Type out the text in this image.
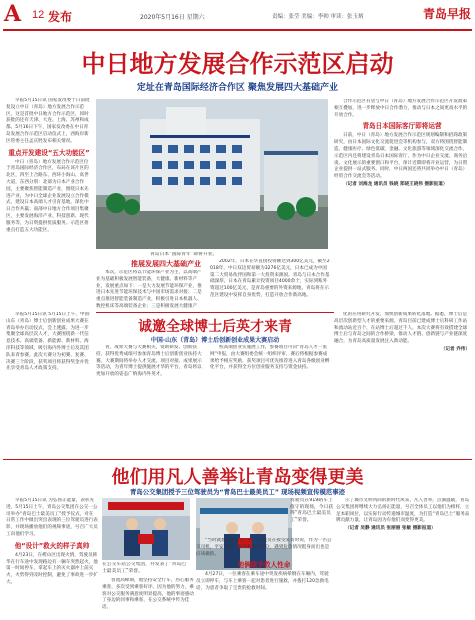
A 12 发布	2020年5月16日 星期六	责编：张莹 美编：李帅 审读：张玉炳	青岛早报
中日地方发展合作示范区启动
定址在青岛国际经济合作区 聚焦发展四大基础产业

早报5月15日讯 国家发改委于日前批复设立中日（青岛）地方发展合作示范区，这是首批中日地方合作示范区，同时获批的还有天津、大连、上海、苏州和成都。5月16日下午，国家发改委在中日青岛发展合作示范区启动仪式上，西海岸新区管委主任孟庆胜发布相关情况。

重点开发建设“五大功能区”

中日（青岛）地方发展合作示范区位于青岛国际经济合作区，布局在该片区的北区，四至上合路东、西环小海山、高世大道，东西分别：北部为日本产业合作园，主要聚焦智能制造产业，围绕日本先进产业，为中日全球企业发展设立合作模式，建设日本高端人才引育基地，深化中日合作共赢；南部中日地方合作项目集聚区，主要发展海洋产业、科技创新、现代服务等，为日资提供优质服务。示范区将重点打造五大功能区。

青岛日本“国际青年”即将开业。
推展发展四大基础产业

本次，示范区将以节能环保产业为主，以高端产业为基础积极发展智能装备，大健康、新材料等产业，发展重点如下：一是大力发展节能环保产业，推进日本先进节能环保技术与中国市场需求对接；二是重点推进智能装备制造产业，积极引进日本机器人、数控机床等高端装备企业；三是积极发展大健康产

2002年，日本在华直接投资额达到300亿美元，截至2018年，中日双边贸易额为3276亿美元，日本已成为中国第二大贸易伙伴国和第一大投资来源国。青岛与日本合作基础深厚，日本在青岛累计投资项目4000余个，实际到账外资超过100亿美元，是青岛重要的外资来源地，青岛将在示范区建设中发挥自身优势，打造开放合作新高地。

合作示范区有望与中日（青岛）地方发展合作示范区开发政策相互叠加，进一步释放中日合作潜力，推动与日本之间更高水平的开放合作。

青岛日本国际客厅即将运营

日前，中日（青岛）地方发展合作示范区规划编制和招商政策研究，由日本国际文化交流促进会等机构参与，双方将围绕智能制造、健康医疗、绿色低碳、金融、文化旅游等领域深化交流合作。示范区内还将建设青岛日本国际客厅，作为中日企业交流、商务洽谈、文化展示的重要窗口和平台，预计近期即将开业运营，为日资企业提供一站式服务。同时，中日两国还将共同举办中日（青岛）经贸合作交流会等活动。

（记者 刘海龙 通讯员 钱晓 郑晓王晓伟 摄影报道）

诚邀全球博士后英才来青
中国·山东（青岛）博士后创新创业成果大赛启动

早报5月15日讯 5月15日上午，中国·山东（青岛）博士后创新创业成果大赛在青岛举办启动仪式，会上透露，为进一步集聚全球高层次人才，大赛围绕新一代信息技术、高端装备、新能源、新材料、海洋科技等领域，吸引海内外博士后及其团队来青参赛。此次大赛分为初赛、复赛、决赛三个阶段，获奖项目将获得奖金并优先享受青岛人才政策支持。

青，成果大赛与大赛相关，资助研发、创新扶持，获得优秀成绩可参加青岛博士后创新创业扶持大赛。大赛期间将举办人才交流、项目对接、成果展示等活动，为青年博士提供施展才华的平台，青岛将以更加开放的姿态广纳海内外英才。

校高端创业实施展工作，参赛项目可向“青岛人才一张网”申报，由大赛组委会统一组织评审，赛后将根据参赛成果给予相应奖励，获奖项目可优先推荐进入青岛各级创业孵化平台，并获得全方位创业服务支持与资金扶持。

化的应用研究开发，加快创新成果转化落地。据悉，博士后是高层次创新型人才的重要来源，青岛目前已建成博士后科研工作站和流动站近百个，在站博士后超过千人，本次大赛将有效搭建全球博士后与青岛之间的合作桥梁，推动人才链、创新链与产业链深度融合，为青岛高质量发展注入新动能。

（记者 乔伟）

他们用凡人善举让青岛变得更美
青岛公交集团授予三位驾驶员为“青岛巴士最美员工” 现场视频宣传模范事迹

早报5月15日讯 为弘扬正能量，表彰先进，5月15日上午，青岛公交集团在公交一公司举办“青岛巴士最美员工”授予仪式，对在日常工作中做出突出表现的三位驾驶员进行表彰，并现场播放他们的视频事迹，号召广大员工向他们学习。

他“设计”救火的样子真帅

4月23日，在崂山区出现火情，驾驶员韩华在行车途中发现路边有一辆车突然起火，他第一时间停车，拿起车上的灭火器冲上前灭火，火势得到及时控制，避免了事故进一步扩大。

在公交车站公交集团，并发表了“青岛巴士最美员工”荣誉。

客流高峰期，他坚持安全行车，热心服务乘客，多次受到乘客好评。因为他的努力，乘客对公交服务满意度明显提高，他的事迹感动了身边的同事和乘客，在公交系统中传为佳话。

驾驶员在919路车上值守的现场，今日获得“青岛巴士最美员工”荣誉。

“当时就想着要帮人一把。”驾驶员在接受采访时说，作为一名公交司机，平安驾驶、服务乘客是本分，遇到危急情况挺身而出也是应该做的。

他俩联手救人性命

4月27日，一位乘客在乘车途中突发疾病晕倒在车厢内，驾驶员立即停车，与车上乘客一起对患者进行施救，并拨打120急救电话，为患者争取了宝贵的抢救时间。

示了城市文明风尚的新时代风采，凡人善举，点滴温暖，青岛公交集团将继续大力弘扬正能量，号召全体员工以他们为榜样，立足本职岗位，以实际行动传递城市温度，为打造“青岛巴士”服务品牌贡献力量，让青岛因为有他们而变得更美。

（记者 吴静 通讯员 张丽丽 张敏 摄影报道）
